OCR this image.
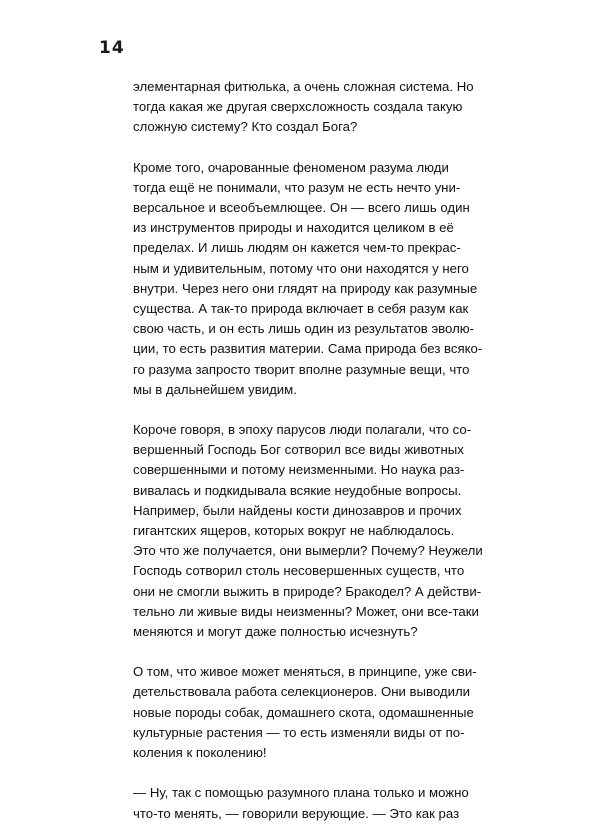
14

элементарная фитюлька, а очень сложная система. Но
тогда какая же другая сверхсложность создала такую
сложную систему? Кто создал Бога?

Кроме того, очарованные феноменом разума люди
тогда ещё не понимали, что разум не есть нечто уни-
версальное и всеобъемлющее. Он — всего лишь один
из инструментов природы и находится целиком в её
пределах. И лишь людям он кажется чем-то прекрас-
ным и удивительным, потому что они находятся у него
внутри. Через него они глядят на природу как разумные
существа. А так-то природа включает в себя разум как
свою часть, и он есть лишь один из результатов эволю-
ции, то есть развития материи. Сама природа без всяко-
го разума запросто творит вполне разумные вещи, что
мы в дальнейшем увидим.

Короче говоря, в эпоху парусов люди полагали, что со-
вершенный Господь Бог сотворил все виды животных
совершенными и потому неизменными. Но наука раз-
вивалась и подкидывала всякие неудобные вопросы.
Например, были найдены кости динозавров и прочих
гигантских ящеров, которых вокруг не наблюдалось.
Это что же получается, они вымерли? Почему? Неужели
Господь сотворил столь несовершенных существ, что
они не смогли выжить в природе? Бракодел? А действи-
тельно ли живые виды неизменны? Может, они все-таки
меняются и могут даже полностью исчезнуть?

О том, что живое может меняться, в принципе, уже сви-
детельствовала работа селекционеров. Они выводили
новые породы собак, домашнего скота, одомашненные
культурные растения — то есть изменяли виды от по-
коления к поколению!

— Ну, так с помощью разумного плана только и можно
что-то менять, — говорили верующие. — Это как раз
